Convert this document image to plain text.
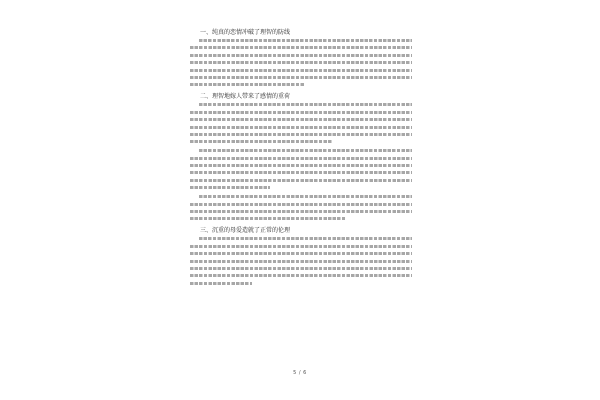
一、纯真的恋情冲破了理智的防线
二、理智地嫁人带来了感情的重荷
三、沉重的母爱造就了正常的伦理
5 / 6
